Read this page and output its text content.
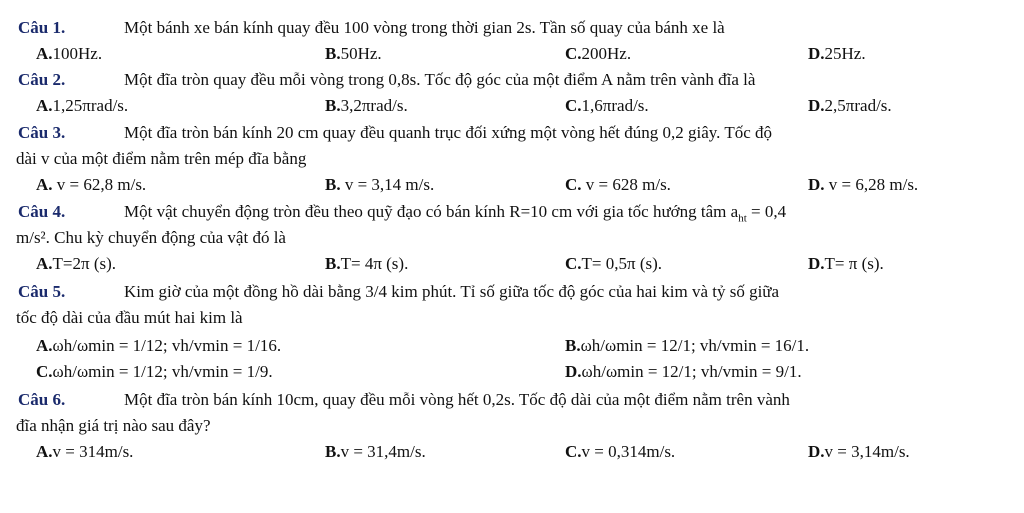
Câu 1.	Một bánh xe bán kính quay đều 100 vòng trong thời gian 2s. Tần số quay của bánh xe là
A.100Hz.	B.50Hz.	C.200Hz.	D.25Hz.
Câu 2.	Một đĩa tròn quay đều mỗi vòng trong 0,8s. Tốc độ góc của một điểm A nằm trên vành đĩa là
A.1,25πrad/s.	B.3,2πrad/s.	C.1,6πrad/s.	D.2,5πrad/s.
Câu 3.	Một đĩa tròn bán kính 20 cm quay đều quanh trục đối xứng một vòng hết đúng 0,2 giây. Tốc độ
dài v của một điểm nằm trên mép đĩa bằng
A. v = 62,8 m/s.	B. v = 3,14 m/s.	C. v = 628 m/s.	D. v = 6,28 m/s.
Câu 4.	Một vật chuyển động tròn đều theo quỹ đạo có bán kính R=10 cm với gia tốc hướng tâm $a_{ht} = 0,4$
m/s². Chu kỳ chuyển động của vật đó là
A.T=2π (s).	B.T= 4π (s).	C.T= 0,5π (s).	D.T= π (s).
Câu 5.	Kim giờ của một đồng hồ dài bằng 3/4 kim phút. Tỉ số giữa tốc độ góc của hai kim và tỷ số giữa
tốc độ dài của đầu mút hai kim là
A.ωh/ωmin = 1/12; vh/vmin = 1/16.	B.ωh/ωmin = 12/1; vh/vmin = 16/1.
C.ωh/ωmin = 1/12; vh/vmin = 1/9.	D.ωh/ωmin = 12/1; vh/vmin = 9/1.
Câu 6.	Một đĩa tròn bán kính 10cm, quay đều mỗi vòng hết 0,2s. Tốc độ dài của một điểm nằm trên vành
đĩa nhận giá trị nào sau đây?
A.v = 314m/s.	B.v = 31,4m/s.	C.v = 0,314m/s.	D.v = 3,14m/s.
